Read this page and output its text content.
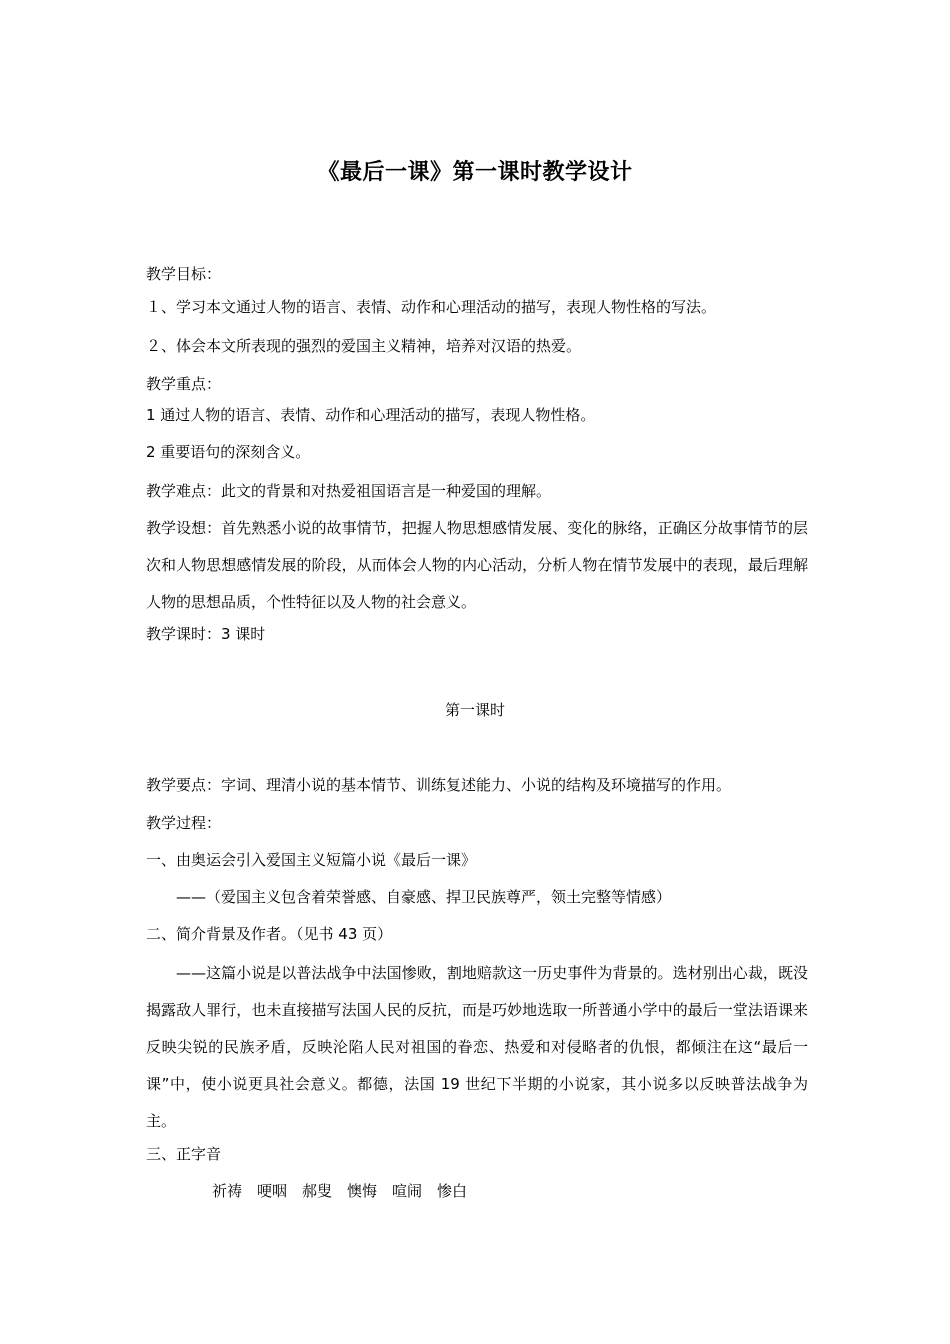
《最后一课》第一课时教学设计
教学目标：
１、学习本文通过人物的语言、表情、动作和心理活动的描写，表现人物性格的写法。
２、体会本文所表现的强烈的爱国主义精神，培养对汉语的热爱。
教学重点：
1 通过人物的语言、表情、动作和心理活动的描写，表现人物性格。
2 重要语句的深刻含义。
教学难点：此文的背景和对热爱祖国语言是一种爱国的理解。
教学设想：首先熟悉小说的故事情节，把握人物思想感情发展、变化的脉络，正确区分故事情节的层次和人物思想感情发展的阶段，从而体会人物的内心活动，分析人物在情节发展中的表现，最后理解人物的思想品质，个性特征以及人物的社会意义。
教学课时：3 课时
第一课时
教学要点：字词、理清小说的基本情节、训练复述能力、小说的结构及环境描写的作用。
教学过程：
一、由奥运会引入爱国主义短篇小说《最后一课》
——（爱国主义包含着荣誉感、自豪感、捍卫民族尊严，领土完整等情感）
二、简介背景及作者。（见书 43 页）
——这篇小说是以普法战争中法国惨败，割地赔款这一历史事件为背景的。选材别出心裁，既没揭露敌人罪行，也未直接描写法国人民的反抗，而是巧妙地选取一所普通小学中的最后一堂法语课来反映尖锐的民族矛盾，反映沦陷人民对祖国的眷恋、热爱和对侵略者的仇恨，都倾注在这“最后一课”中，使小说更具社会意义。都德，法国 19 世纪下半期的小说家，其小说多以反映普法战争为主。
三、正字音
祈祷　哽咽　郝叟　懊悔　喧闹　惨白
